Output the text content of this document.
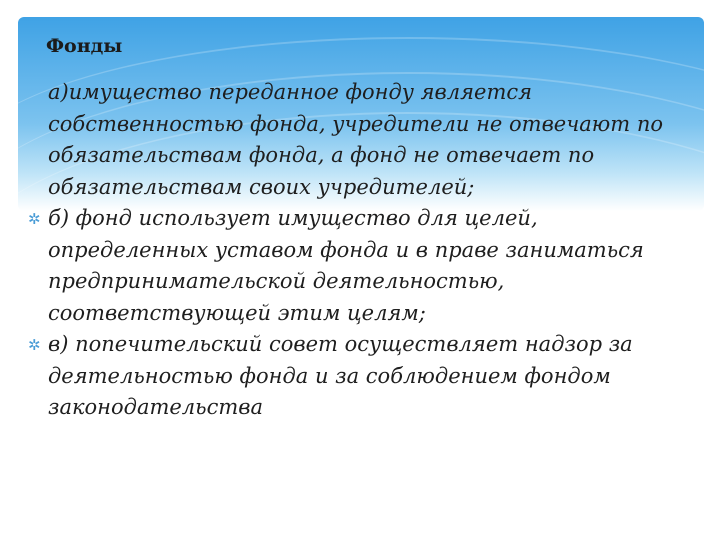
Фонды

а)имущество переданное фонду является собственностью фонда, учредители не отвечают по обязательствам фонда, а фонд не отвечает по обязательствам своих учредителей;

✲ б) фонд использует имущество для целей, определенных уставом фонда и в праве заниматься предпринимательской деятельностью, соответствующей этим целям;

✲ в) попечительский совет осуществляет надзор за деятельностью фонда и за соблюдением фондом законодательства
